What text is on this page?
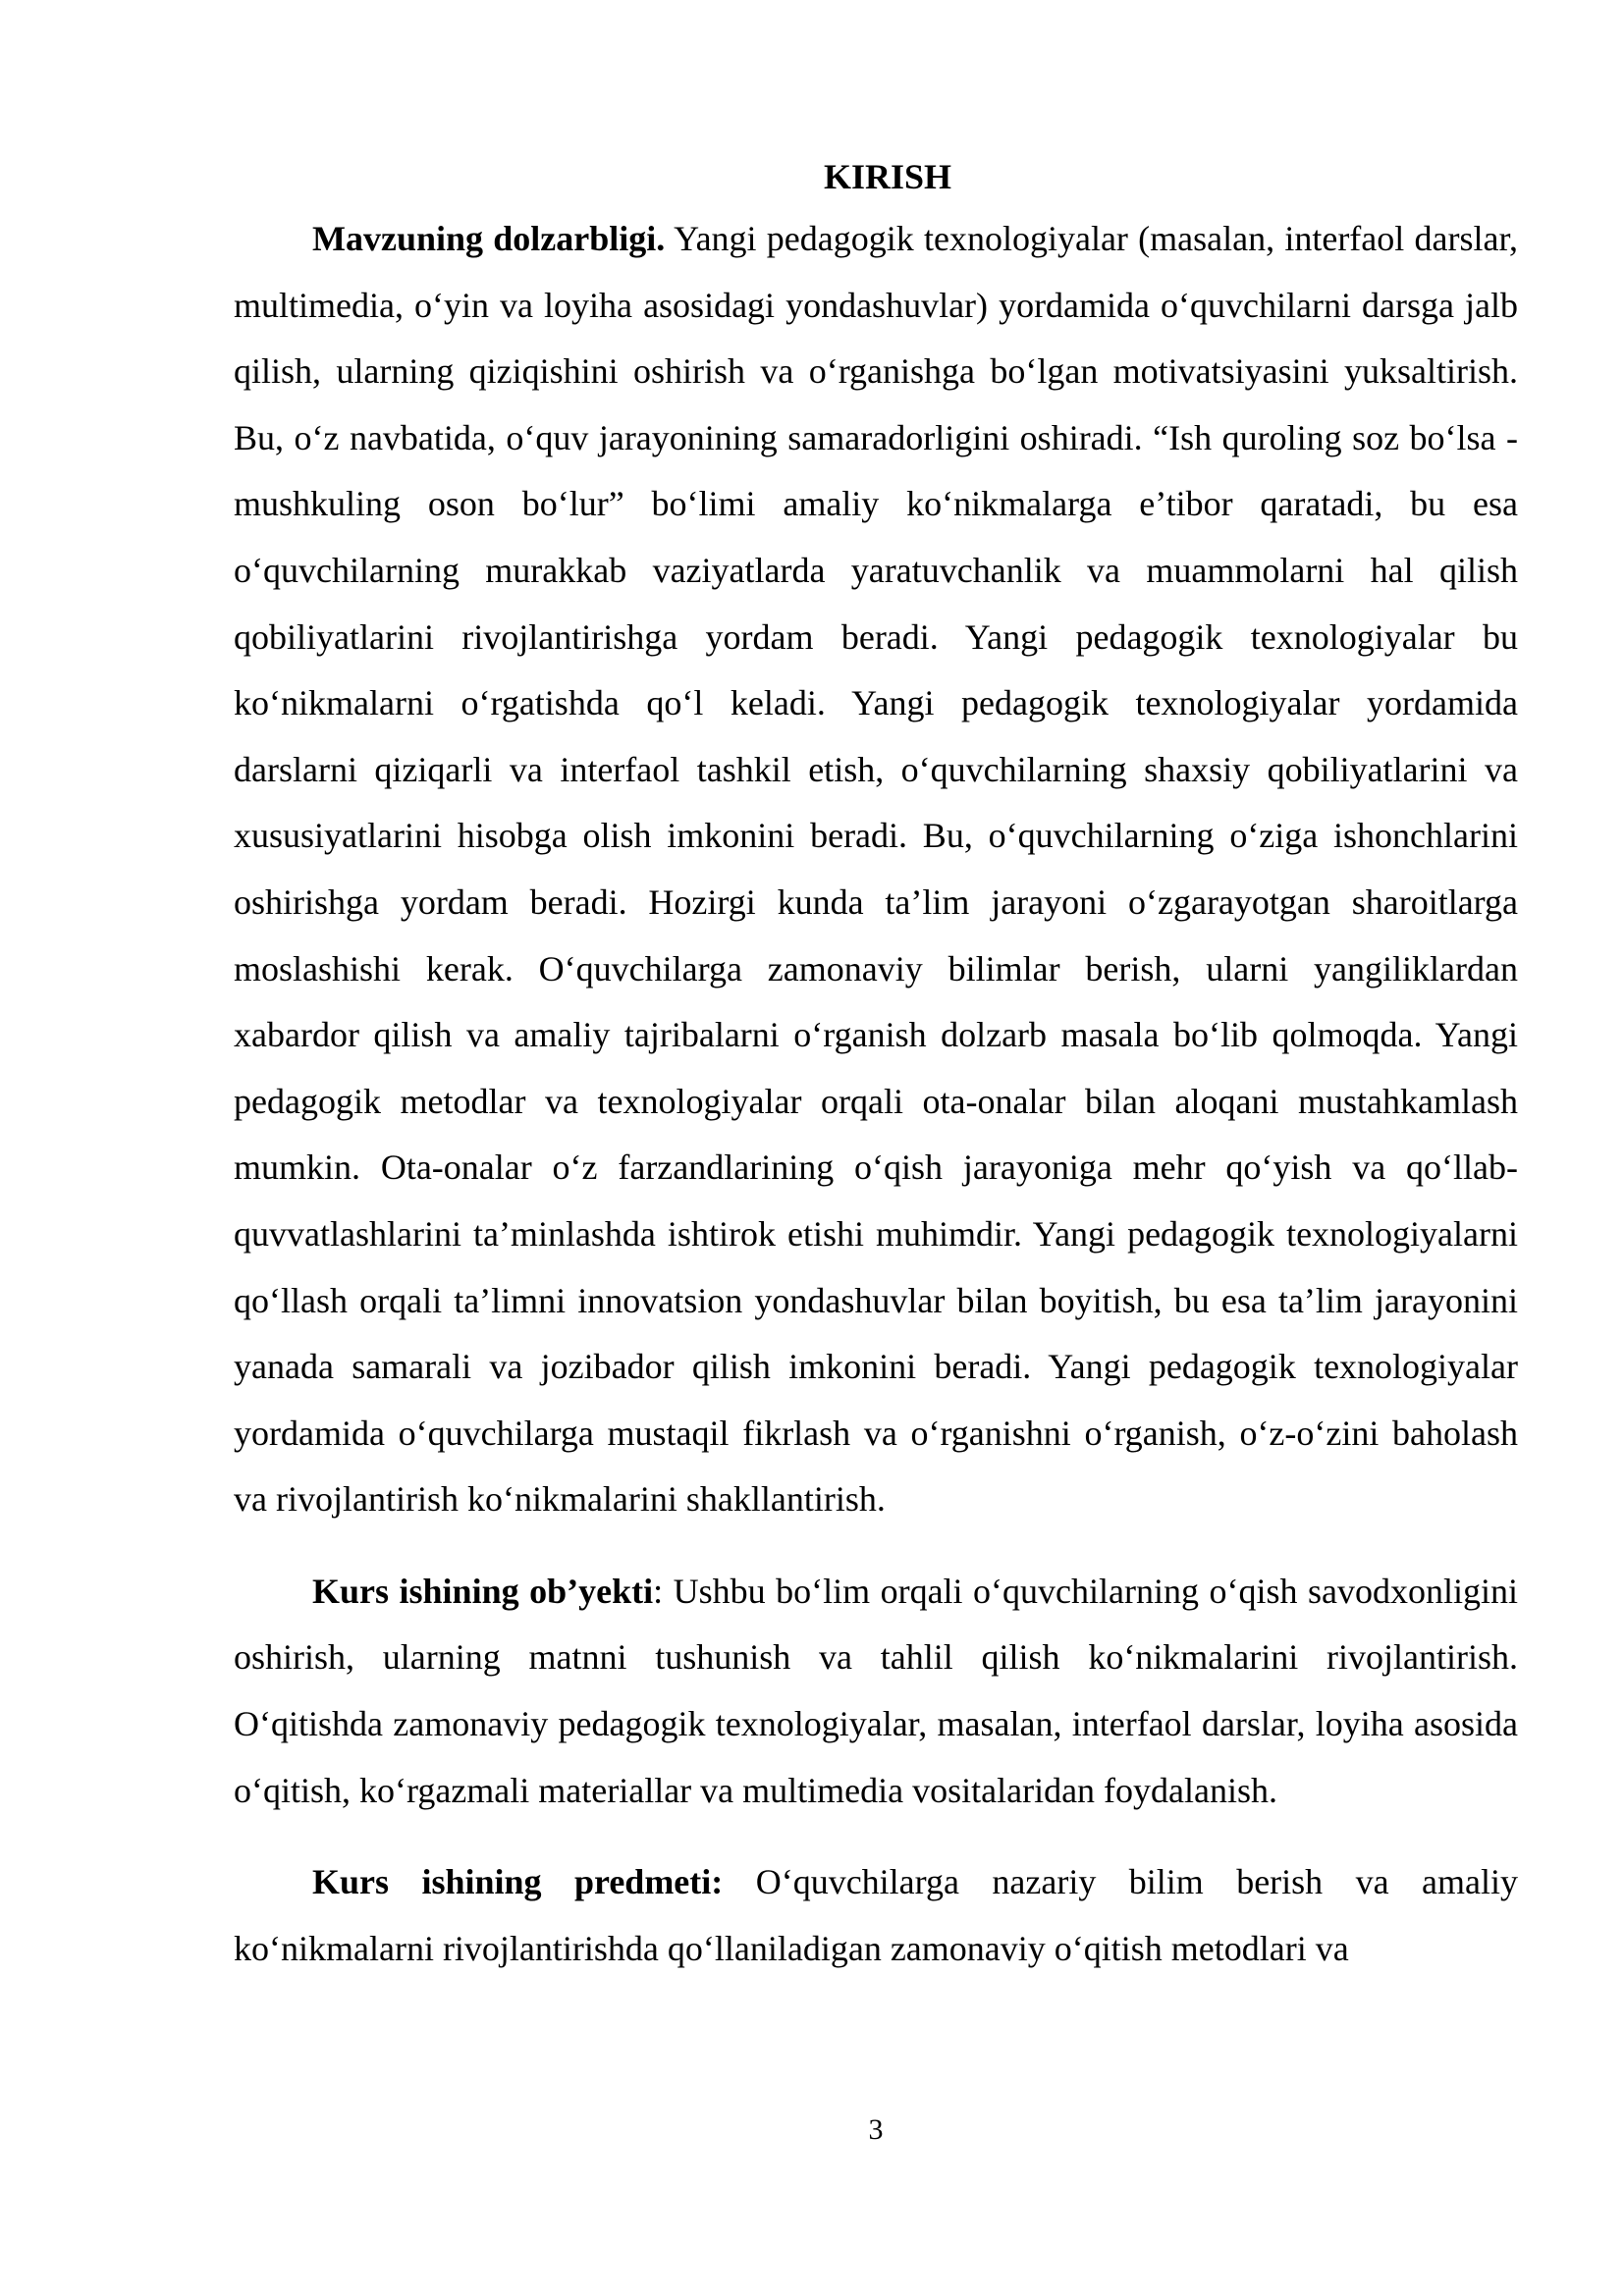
KIRISH

Mavzuning dolzarbligi. Yangi pedagogik texnologiyalar (masalan, interfaol darslar, multimedia, o‘yin va loyiha asosidagi yondashuvlar) yordamida o‘quvchilarni darsga jalb qilish, ularning qiziqishini oshirish va o‘rganishga bo‘lgan motivatsiyasini yuksaltirish. Bu, o‘z navbatida, o‘quv jarayonining samaradorligini oshiradi. “Ish quroling soz bo‘lsa - mushkuling oson bo‘lur” bo‘limi amaliy ko‘nikmalarga e’tibor qaratadi, bu esa o‘quvchilarning murakkab vaziyatlarda yaratuvchanlik va muammolarni hal qilish qobiliyatlarini rivojlantirishga yordam beradi. Yangi pedagogik texnologiyalar bu ko‘nikmalarni o‘rgatishda qo‘l keladi. Yangi pedagogik texnologiyalar yordamida darslarni qiziqarli va interfaol tashkil etish, o‘quvchilarning shaxsiy qobiliyatlarini va xususiyatlarini hisobga olish imkonini beradi. Bu, o‘quvchilarning o‘ziga ishonchlarini oshirishga yordam beradi. Hozirgi kunda ta’lim jarayoni o‘zgarayotgan sharoitlarga moslashishi kerak. O‘quvchilarga zamonaviy bilimlar berish, ularni yangiliklardan xabardor qilish va amaliy tajribalarni o‘rganish dolzarb masala bo‘lib qolmoqda. Yangi pedagogik metodlar va texnologiyalar orqali ota-onalar bilan aloqani mustahkamlash mumkin. Ota-onalar o‘z farzandlarining o‘qish jarayoniga mehr qo‘yish va qo‘llab-quvvatlashlarini ta’minlashda ishtirok etishi muhimdir. Yangi pedagogik texnologiyalarni qo‘llash orqali ta’limni innovatsion yondashuvlar bilan boyitish, bu esa ta’lim jarayonini yanada samarali va jozibador qilish imkonini beradi. Yangi pedagogik texnologiyalar yordamida o‘quvchilarga mustaqil fikrlash va o‘rganishni o‘rganish, o‘z-o‘zini baholash va rivojlantirish ko‘nikmalarini shakllantirish.

Kurs ishining ob’yekti: Ushbu bo‘lim orqali o‘quvchilarning o‘qish savodxonligini oshirish, ularning matnni tushunish va tahlil qilish ko‘nikmalarini rivojlantirish. O‘qitishda zamonaviy pedagogik texnologiyalar, masalan, interfaol darslar, loyiha asosida o‘qitish, ko‘rgazmali materiallar va multimedia vositalaridan foydalanish.

Kurs ishining predmeti: O‘quvchilarga nazariy bilim berish va amaliy ko‘nikmalarni rivojlantirishda qo‘llaniladigan zamonaviy o‘qitish metodlari va

3
